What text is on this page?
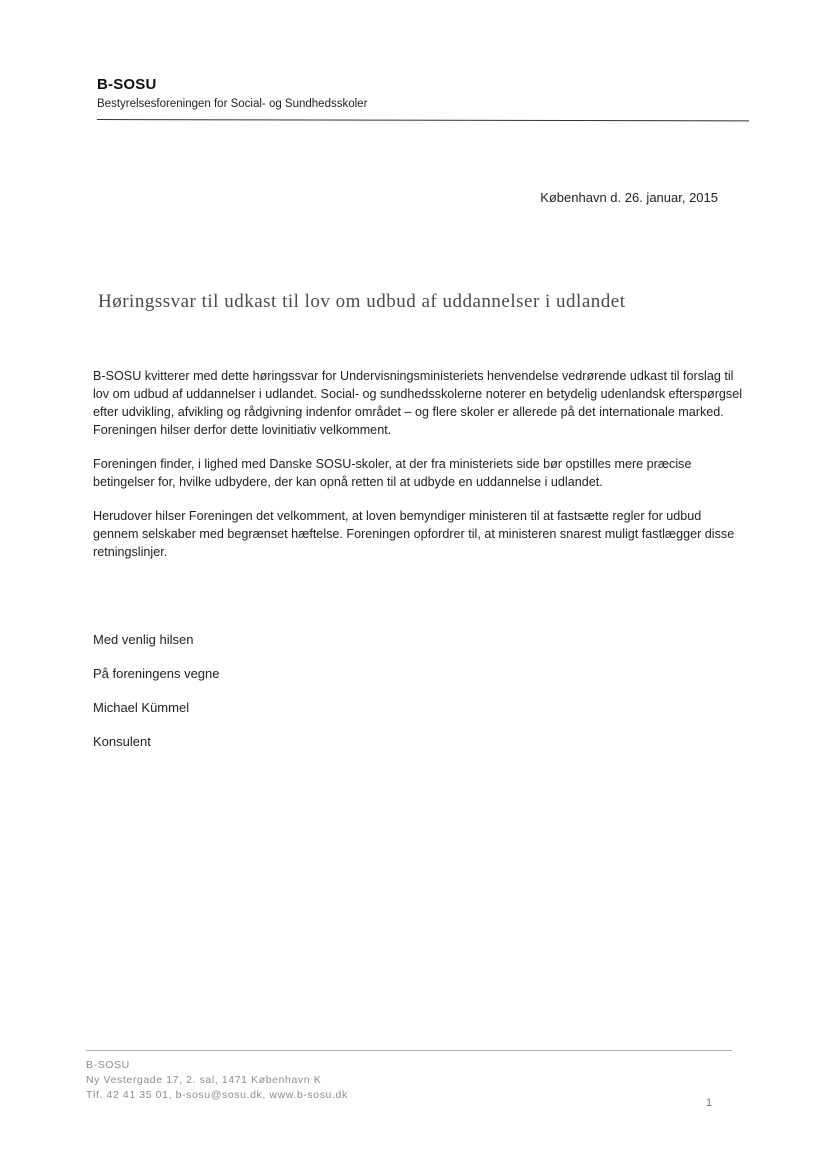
B-SOSU
Bestyrelsesforeningen for Social- og Sundhedsskoler
København d. 26. januar, 2015
Høringssvar til udkast til lov om udbud af uddannelser i udlandet

B-SOSU kvitterer med dette høringssvar for Undervisningsministeriets henvendelse vedrørende udkast til forslag til lov om udbud af uddannelser i udlandet. Social- og sundhedsskolerne noterer en betydelig udenlandsk efterspørgsel efter udvikling, afvikling og rådgivning indenfor området – og flere skoler er allerede på det internationale marked. Foreningen hilser derfor dette lovinitiativ velkomment.

Foreningen finder, i lighed med Danske SOSU-skoler, at der fra ministeriets side bør opstilles mere præcise betingelser for, hvilke udbydere, der kan opnå retten til at udbyde en uddannelse i udlandet.

Herudover hilser Foreningen det velkomment, at loven bemyndiger ministeren til at fastsætte regler for udbud gennem selskaber med begrænset hæftelse. Foreningen opfordrer til, at ministeren snarest muligt fastlægger disse retningslinjer.

Med venlig hilsen
På foreningens vegne
Michael Kümmel
Konsulent
B-SOSU
Ny Vestergade 17, 2. sal, 1471 København K
Tlf. 42 41 35 01, b-sosu@sosu.dk, www.b-sosu.dk
1
